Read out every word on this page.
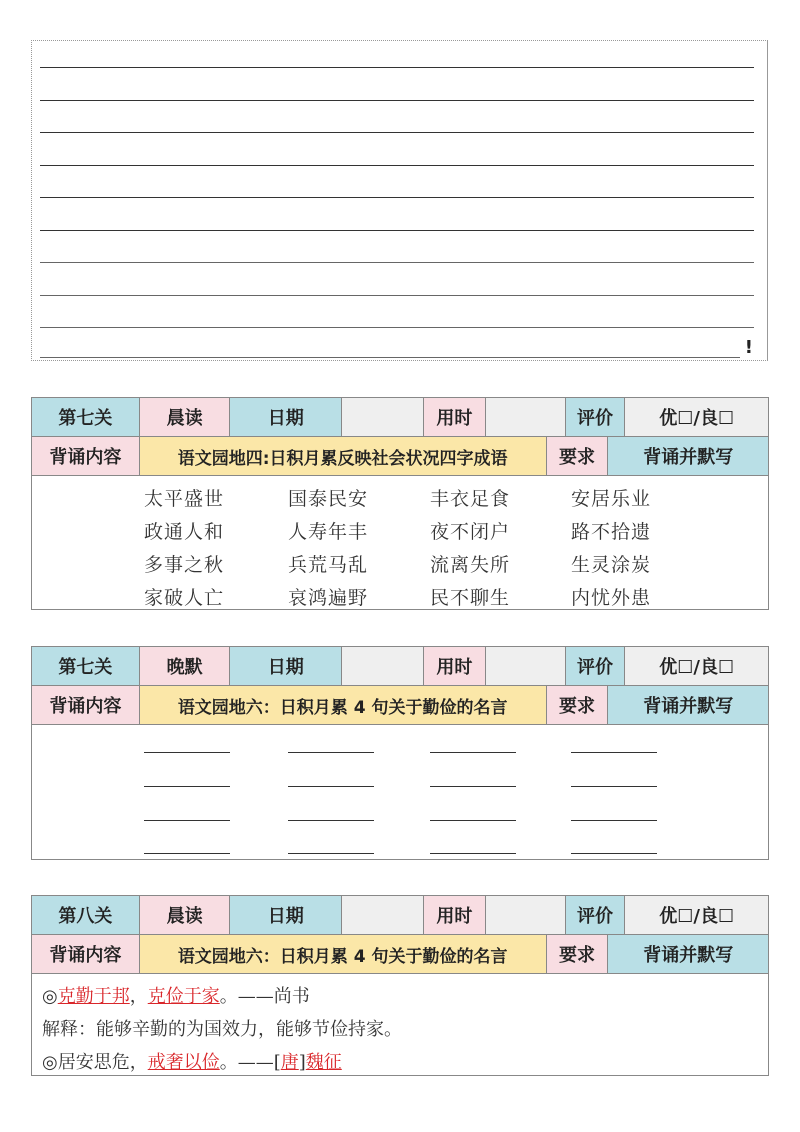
!
第七关	晨读	日期	用时	评价	优☐/良☐
背诵内容	语文园地四:日积月累反映社会状况四字成语	要求	背诵并默写
太平盛世	国泰民安	丰衣足食	安居乐业
政通人和	人寿年丰	夜不闭户	路不拾遗
多事之秋	兵荒马乱	流离失所	生灵涂炭
家破人亡	哀鸿遍野	民不聊生	内忧外患
第七关	晚默	日期	用时	评价	优☐/良☐
背诵内容	语文园地六：日积月累 4 句关于勤俭的名言	要求	背诵并默写
第八关	晨读	日期	用时	评价	优☐/良☐
背诵内容	语文园地六：日积月累 4 句关于勤俭的名言	要求	背诵并默写
◎克勤于邦，克俭于家。——尚书
解释：能够辛勤的为国效力，能够节俭持家。
◎居安思危，戒奢以俭。——[唐]魏征
